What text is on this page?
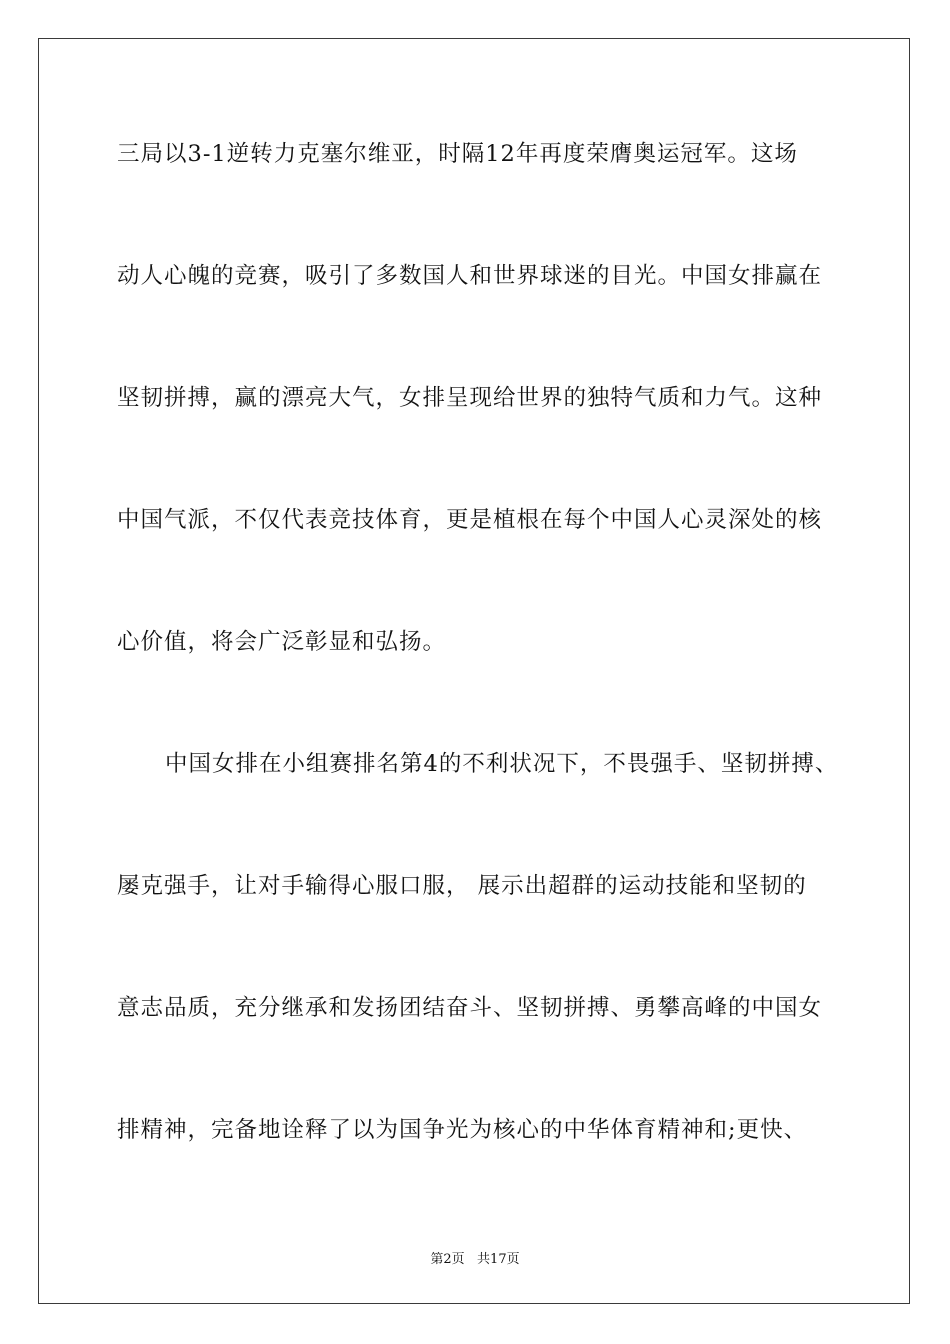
三局以3-1逆转力克塞尔维亚，时隔12年再度荣膺奥运冠军。这场
动人心魄的竞赛，吸引了多数国人和世界球迷的目光。中国女排赢在
坚韧拼搏，赢的漂亮大气，女排呈现给世界的独特气质和力气。这种
中国气派，不仅代表竞技体育，更是植根在每个中国人心灵深处的核
心价值，将会广泛彰显和弘扬。
中国女排在小组赛排名第4的不利状况下，不畏强手、坚韧拼搏、
屡克强手，让对手输得心服口服， 展示出超群的运动技能和坚韧的
意志品质，充分继承和发扬团结奋斗、坚韧拼搏、勇攀高峰的中国女
排精神，完备地诠释了以为国争光为核心的中华体育精神和;更快、
第2页   共17页
